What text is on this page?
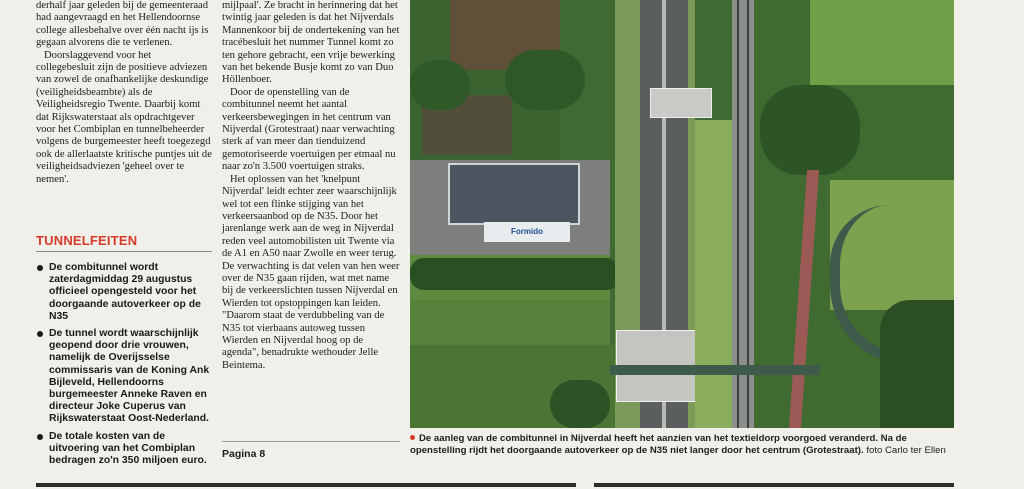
derhalf jaar geleden bij de gemeenteraad had aangevraagd en het Hellendoornse college allesbehalve over één nacht ijs is gegaan alvorens die te verlenen.

Doorslaggevend voor het collegebesluit zijn de positieve adviezen van zowel de onafhankelijke deskundige (veiligheidsbeambte) als de Veiligheidsregio Twente. Daarbij komt dat Rijkswaterstaat als opdrachtgever voor het Combiplan en tunnelbeheerder volgens de burgemeester heeft toegezegd ook de allerlaatste kritische puntjes uit de veiligheidsadviezen 'geheel over te nemen'.

TUNNELFEITEN
De combitunnel wordt zaterdagmiddag 29 augustus officieel opengesteld voor het doorgaande autoverkeer op de N35
De tunnel wordt waarschijnlijk geopend door drie vrouwen, namelijk de Overijsselse commissaris van de Koning Ank Bijleveld, Hellendoorns burgemeester Anneke Raven en directeur Joke Cuperus van Rijkswaterstaat Oost-Nederland.
De totale kosten van de uitvoering van het Combiplan bedragen zo'n 350 miljoen euro.

mijlpaal'. Ze bracht in herinnering dat het twintig jaar geleden is dat het Nijverdals Mannenkoor bij de ondertekening van het tracébesluit het nummer Tunnel komt zo ten gehore gebracht, een vrije bewerking van het bekende Busje komt zo van Duo Höllenboer.

Door de openstelling van de combitunnel neemt het aantal verkeersbewegingen in het centrum van Nijverdal (Grotestraat) naar verwachting sterk af van meer dan tienduizend gemotoriseerde voertuigen per etmaal nu naar zo'n 3.500 voertuigen straks.

Het oplossen van het 'knelpunt Nijverdal' leidt echter zeer waarschijnlijk wel tot een flinke stijging van het verkeersaanbod op de N35. Door het jarenlange werk aan de weg in Nijverdal reden veel automobilisten uit Twente via de A1 en A50 naar Zwolle en weer terug. De verwachting is dat velen van hen weer over de N35 gaan rijden, wat met name bij de verkeerslichten tussen Nijverdal en Wierden tot opstoppingen kan leiden. "Daarom staat de verdubbeling van de N35 tot vierbaans autoweg tussen Wierden en Nijverdal hoog op de agenda", benadrukte wethouder Jelle Beintema.

Pagina 8
Formido
De aanleg van de combitunnel in Nijverdal heeft het aanzien van het textieldorp voorgoed veranderd. Na de openstelling rijdt het doorgaande autoverkeer op de N35 niet langer door het centrum (Grotestraat). foto Carlo ter Ellen
